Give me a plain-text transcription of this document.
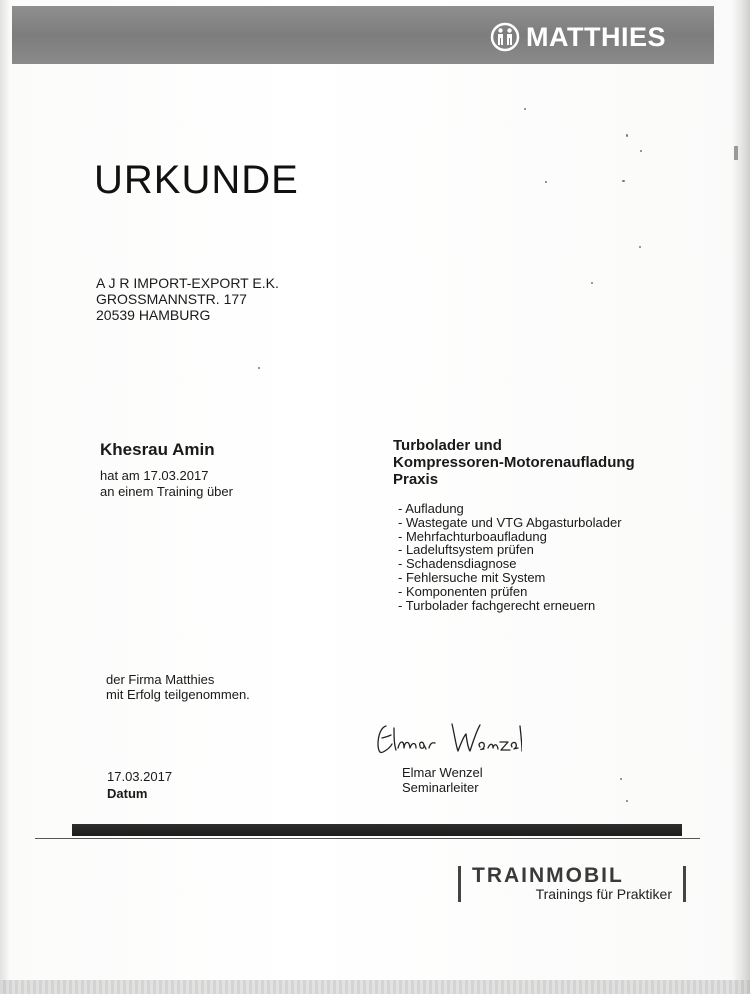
MATTHIES
URKUNDE
A J R IMPORT-EXPORT E.K.
GROSSMANNSTR. 177
20539 HAMBURG
Khesrau Amin
hat am 17.03.2017
an einem Training über
Turbolader und
Kompressoren-Motorenaufladung
Praxis
- Aufladung
- Wastegate und VTG Abgasturbolader
- Mehrfachturboaufladung
- Ladeluftsystem prüfen
- Schadensdiagnose
- Fehlersuche mit System
- Komponenten prüfen
- Turbolader fachgerecht erneuern
der Firma Matthies
mit Erfolg teilgenommen.
17.03.2017
Datum
Elmar Wenzel
Seminarleiter
TRAINMOBIL
Trainings für Praktiker
